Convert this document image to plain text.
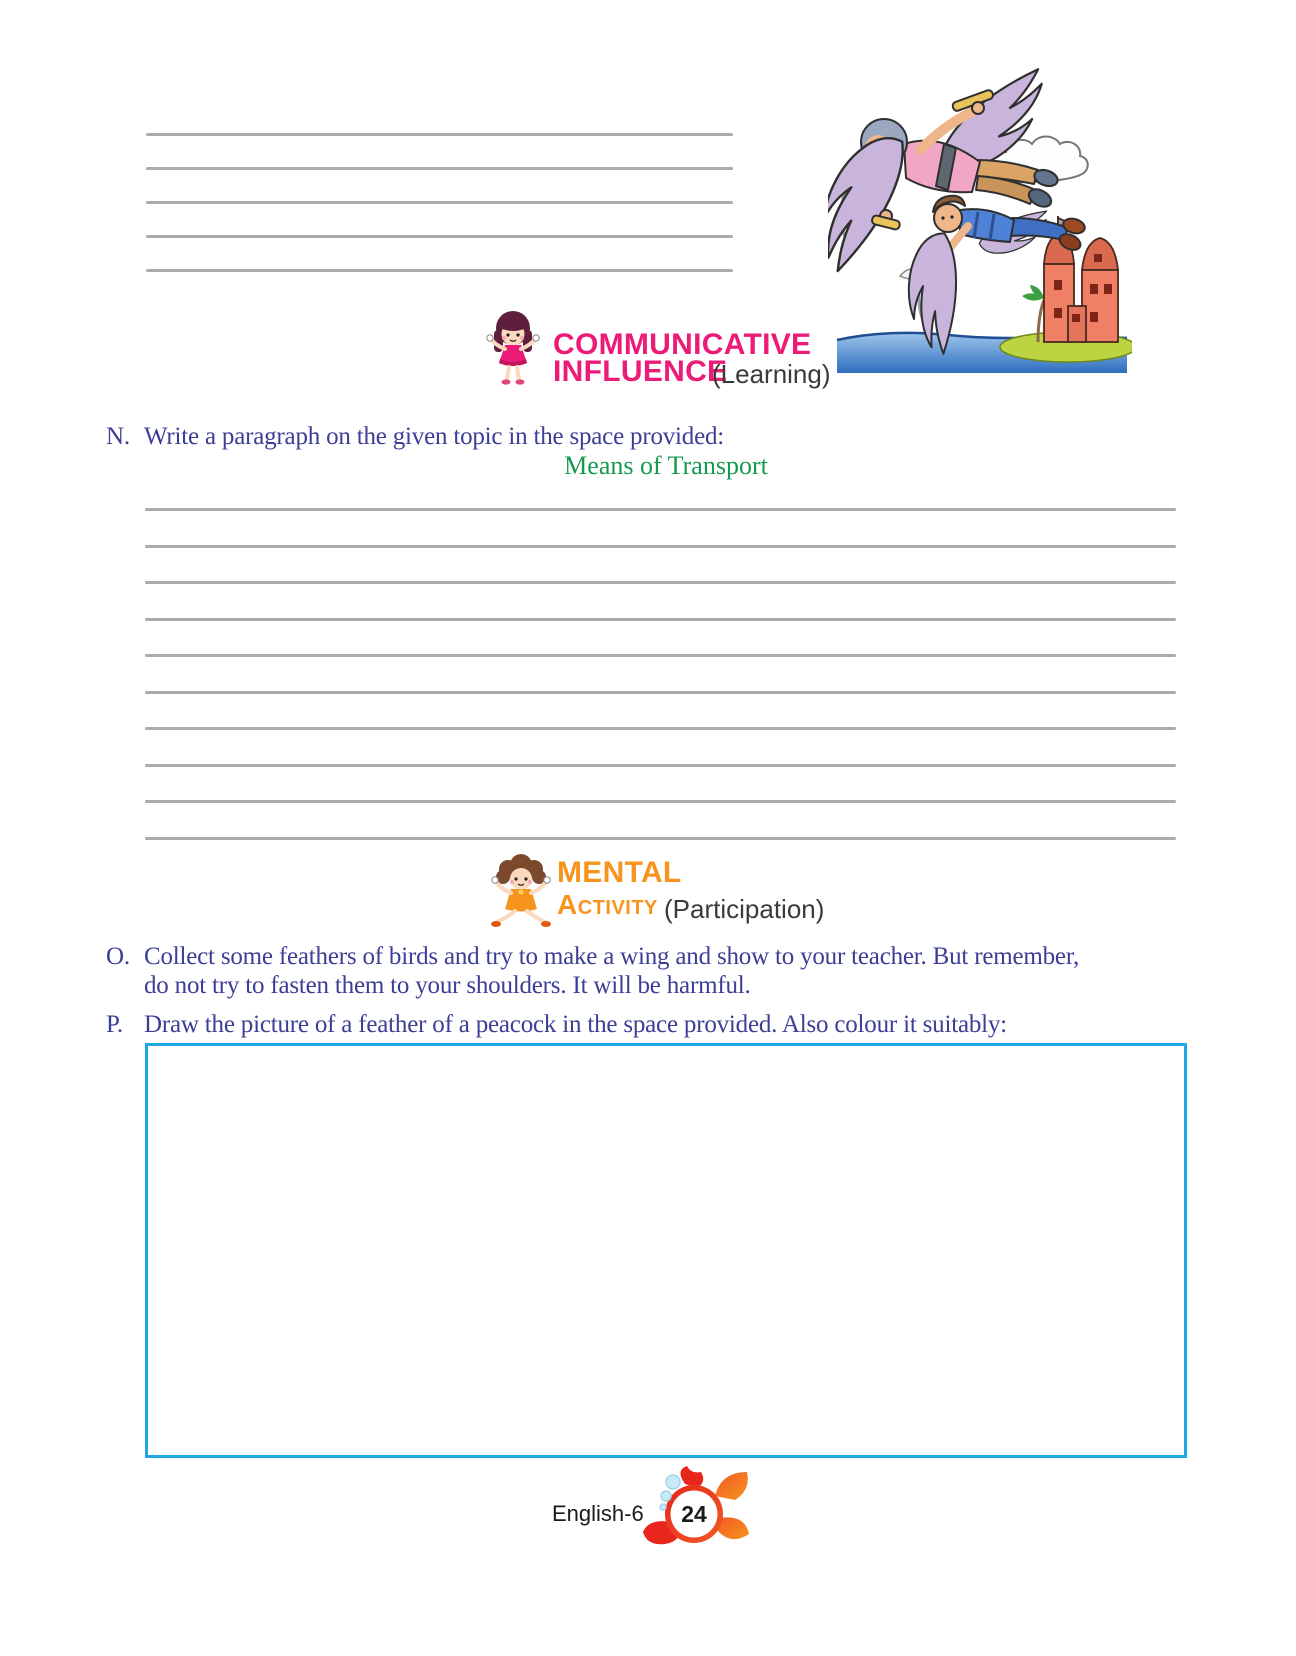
COMMUNICATIVE
INFLUENCE
(Learning)
N. Write a paragraph on the given topic in the space provided:
Means of Transport
MENTAL
Activity (Participation)
O. Collect some feathers of birds and try to make a wing and show to your teacher. But remember,
do not try to fasten them to your shoulders. It will be harmful.
P. Draw the picture of a feather of a peacock in the space provided. Also colour it suitably:
English-6 24
